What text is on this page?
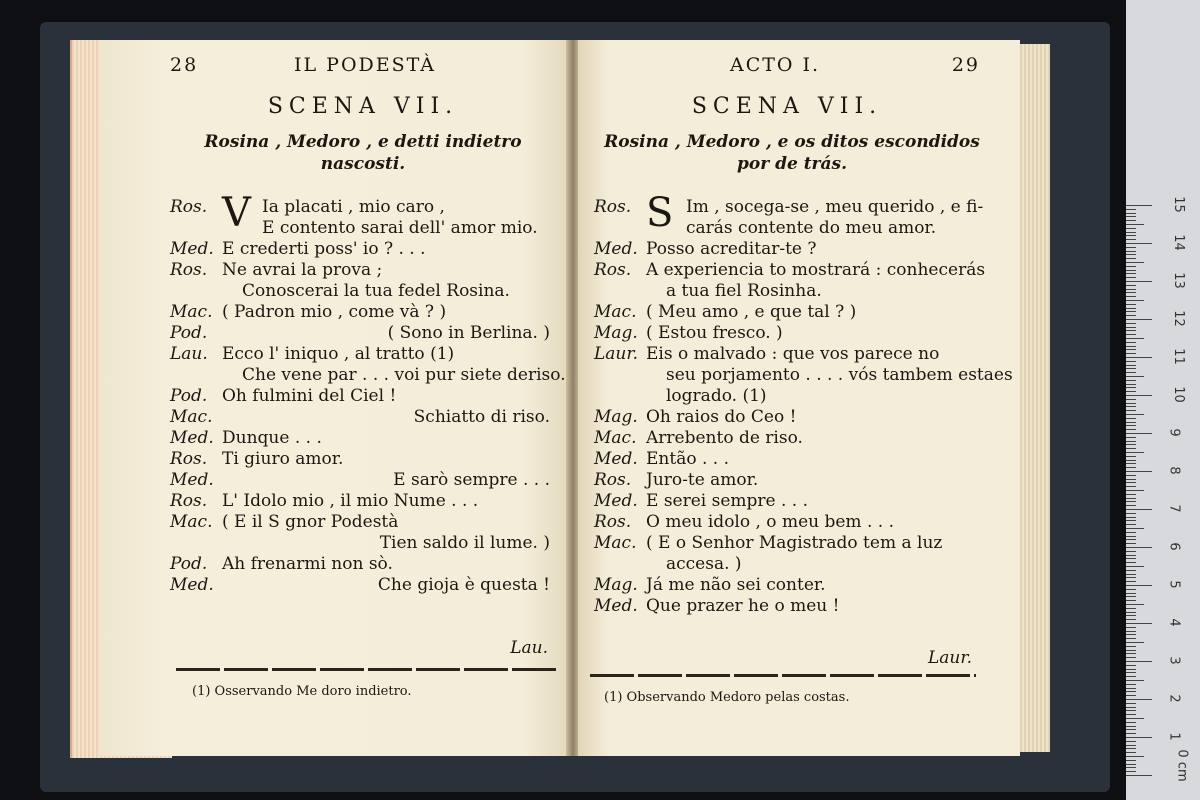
28	IL PODESTÀ
SCENA VII.
Rosina , Medoro , e detti indietro nascosti.
Ros.	Ia placati , mio caro ,
V E contento sarai dell' amor mio.
Med. E crederti poss' io ? . . .
Ros. Ne avrai la prova ;
Conoscerai la tua fedel Rosina.
Mac. ( Padron mio , come và ? )
Pod.	( Sono in Berlina. )
Lau. Ecco l' iniquo , al tratto (1)
Che vene par . . . voi pur siete deriso.
Pod. Oh fulmini del Ciel !
Mac.	Schiatto di riso.
Med. Dunque . . .
Ros. Ti giuro amor.
Med.	E sarò sempre . . .
Ros. L' Idolo mio , il mio Nume . . .
Mac. ( E il S gnor Podestà
Tien saldo il lume. )
Pod. Ah frenarmi non sò.
Med.	Che gioja è questa !
Lau.
(1) Osservando Me doro indietro.
ACTO I.	29
SCENA VII.
Rosina , Medoro , e os ditos escondidos por de trás.
Ros.	Im , socega-se , meu querido , e fi-
S carás contente do meu amor.
Med. Posso acreditar-te ?
Ros. A experiencia to mostrará : conhecerás
a tua fiel Rosinha.
Mac. ( Meu amo , e que tal ? )
Mag. ( Estou fresco. )
Laur. Eis o malvado : que vos parece no
seu porjamento . . . . vós tambem estaes
logrado. (1)
Mag. Oh raios do Ceo !
Mac. Arrebento de riso.
Med. Então . . .
Ros. Juro-te amor.
Med. E serei sempre . . .
Ros. O meu idolo , o meu bem . . .
Mac. ( E o Senhor Magistrado tem a luz
accesa. )
Mag. Já me não sei conter.
Med. Que prazer he o meu !
Laur.
(1) Observando Medoro pelas costas.
0 cm
1
2
3
4
5
6
7
8
9
10
11
12
13
14
15
